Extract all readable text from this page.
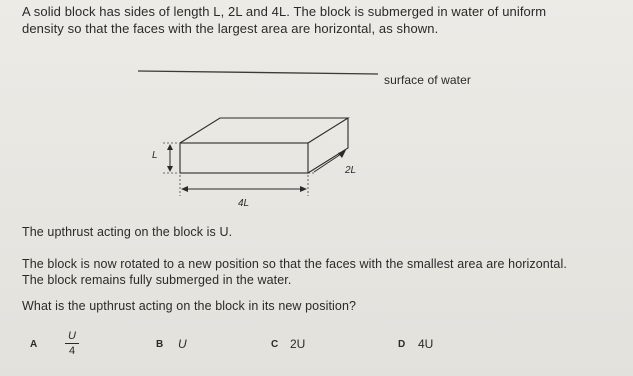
A solid block has sides of length L, 2L and 4L. The block is submerged in water of uniform
density so that the faces with the largest area are horizontal, as shown.
surface of water
L
2L
4L
The upthrust acting on the block is U.
The block is now rotated to a new position so that the faces with the smallest area are horizontal.
The block remains fully submerged in the water.
What is the upthrust acting on the block in its new position?
A
U
4
B U	C 2U	D 4U
